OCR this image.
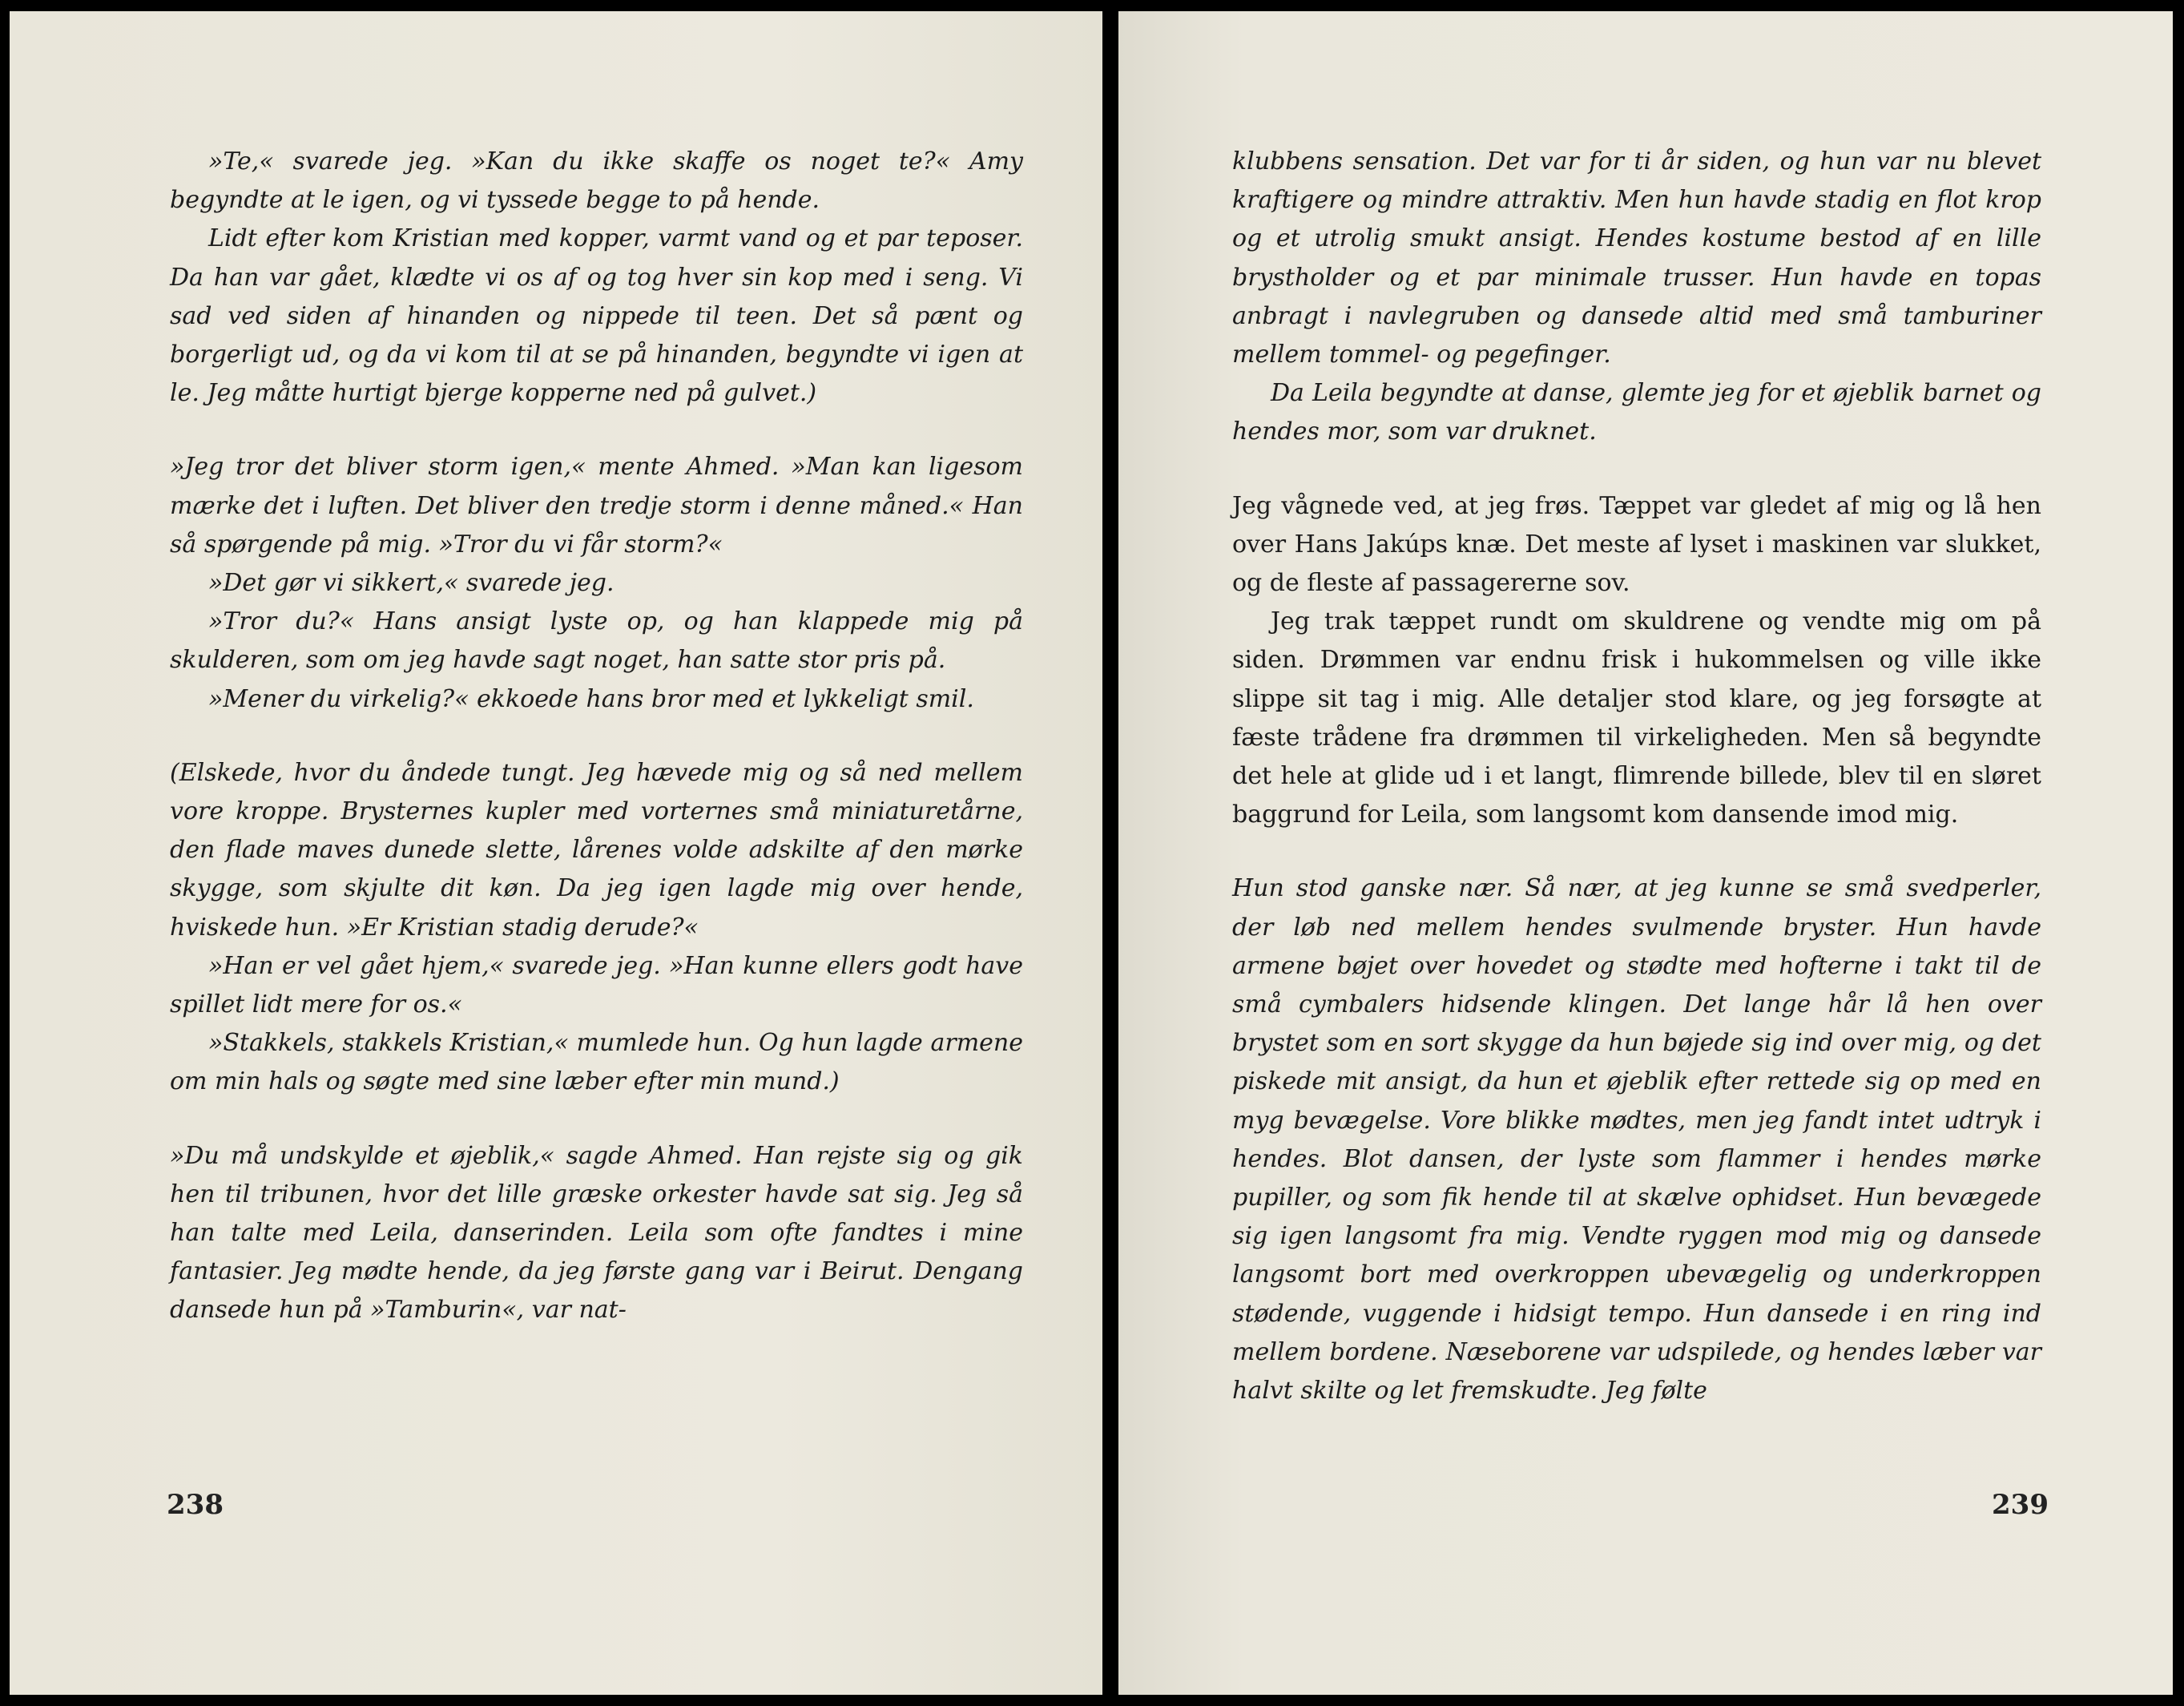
»Te,« svarede jeg. »Kan du ikke skaffe os noget te?« Amy begyndte at le igen, og vi tyssede begge to på hende.

Lidt efter kom Kristian med kopper, varmt vand og et par teposer. Da han var gået, klædte vi os af og tog hver sin kop med i seng. Vi sad ved siden af hinanden og nippede til teen. Det så pænt og borgerligt ud, og da vi kom til at se på hinanden, begyndte vi igen at le. Jeg måtte hurtigt bjerge kopperne ned på gulvet.)

»Jeg tror det bliver storm igen,« mente Ahmed. »Man kan ligesom mærke det i luften. Det bliver den tredje storm i denne måned.« Han så spørgende på mig. »Tror du vi får storm?«

»Det gør vi sikkert,« svarede jeg.

»Tror du?« Hans ansigt lyste op, og han klappede mig på skulderen, som om jeg havde sagt noget, han satte stor pris på.

»Mener du virkelig?« ekkoede hans bror med et lykkeligt smil.

(Elskede, hvor du åndede tungt. Jeg hævede mig og så ned mellem vore kroppe. Brysternes kupler med vorternes små miniaturetårne, den flade maves dunede slette, lårenes volde adskilte af den mørke skygge, som skjulte dit køn. Da jeg igen lagde mig over hende, hviskede hun. »Er Kristian stadig derude?«

»Han er vel gået hjem,« svarede jeg. »Han kunne ellers godt have spillet lidt mere for os.«

»Stakkels, stakkels Kristian,« mumlede hun. Og hun lagde armene om min hals og søgte med sine læber efter min mund.)

»Du må undskylde et øjeblik,« sagde Ahmed. Han rejste sig og gik hen til tribunen, hvor det lille græske orkester havde sat sig. Jeg så han talte med Leila, danserinden. Leila som ofte fandtes i mine fantasier. Jeg mødte hende, da jeg første gang var i Beirut. Dengang dansede hun på »Tamburin«, var nat-

238

klubbens sensation. Det var for ti år siden, og hun var nu blevet kraftigere og mindre attraktiv. Men hun havde stadig en flot krop og et utrolig smukt ansigt. Hendes kostume bestod af en lille brystholder og et par minimale trusser. Hun havde en topas anbragt i navlegruben og dansede altid med små tamburiner mellem tommel- og pegefinger.

Da Leila begyndte at danse, glemte jeg for et øjeblik barnet og hendes mor, som var druknet.

Jeg vågnede ved, at jeg frøs. Tæppet var gledet af mig og lå hen over Hans Jakúps knæ. Det meste af lyset i maskinen var slukket, og de fleste af passagererne sov.

Jeg trak tæppet rundt om skuldrene og vendte mig om på siden. Drømmen var endnu frisk i hukommelsen og ville ikke slippe sit tag i mig. Alle detaljer stod klare, og jeg forsøgte at fæste trådene fra drømmen til virkeligheden. Men så begyndte det hele at glide ud i et langt, flimrende billede, blev til en sløret baggrund for Leila, som langsomt kom dansende imod mig.

Hun stod ganske nær. Så nær, at jeg kunne se små svedperler, der løb ned mellem hendes svulmende bryster. Hun havde armene bøjet over hovedet og stødte med hofterne i takt til de små cymbalers hidsende klingen. Det lange hår lå hen over brystet som en sort skygge da hun bøjede sig ind over mig, og det piskede mit ansigt, da hun et øjeblik efter rettede sig op med en myg bevægelse. Vore blikke mødtes, men jeg fandt intet udtryk i hendes. Blot dansen, der lyste som flammer i hendes mørke pupiller, og som fik hende til at skælve ophidset. Hun bevægede sig igen langsomt fra mig. Vendte ryggen mod mig og dansede langsomt bort med overkroppen ubevægelig og underkroppen stødende, vuggende i hidsigt tempo. Hun dansede i en ring ind mellem bordene. Næseborene var udspilede, og hendes læber var halvt skilte og let fremskudte. Jeg følte

239
